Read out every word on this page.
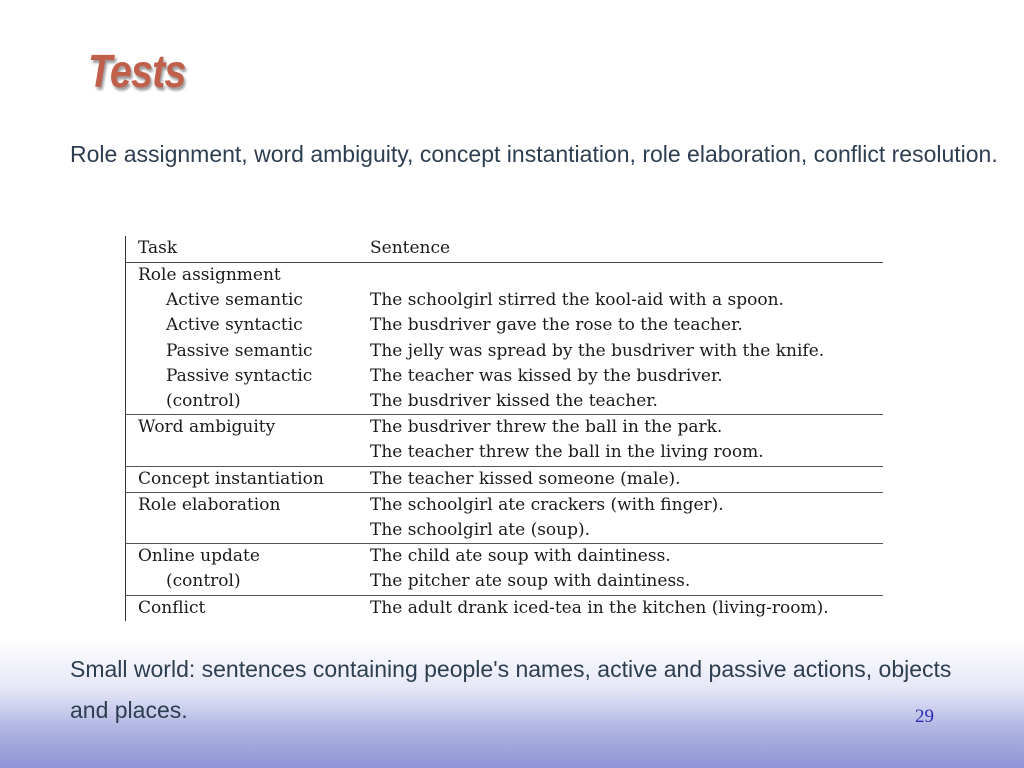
Tests

Role assignment, word ambiguity, concept instantiation, role elaboration, conflict resolution.

Task	Sentence
Role assignment	
Active semantic	The schoolgirl stirred the kool-aid with a spoon.
Active syntactic	The busdriver gave the rose to the teacher.
Passive semantic	The jelly was spread by the busdriver with the knife.
Passive syntactic	The teacher was kissed by the busdriver.
(control)	The busdriver kissed the teacher.
Word ambiguity	The busdriver threw the ball in the park.
	The teacher threw the ball in the living room.
Concept instantiation	The teacher kissed someone (male).
Role elaboration	The schoolgirl ate crackers (with finger).
	The schoolgirl ate (soup).
Online update	The child ate soup with daintiness.
(control)	The pitcher ate soup with daintiness.
Conflict	The adult drank iced-tea in the kitchen (living-room).

Small world: sentences containing people's names, active and passive actions, objects and places.	29
